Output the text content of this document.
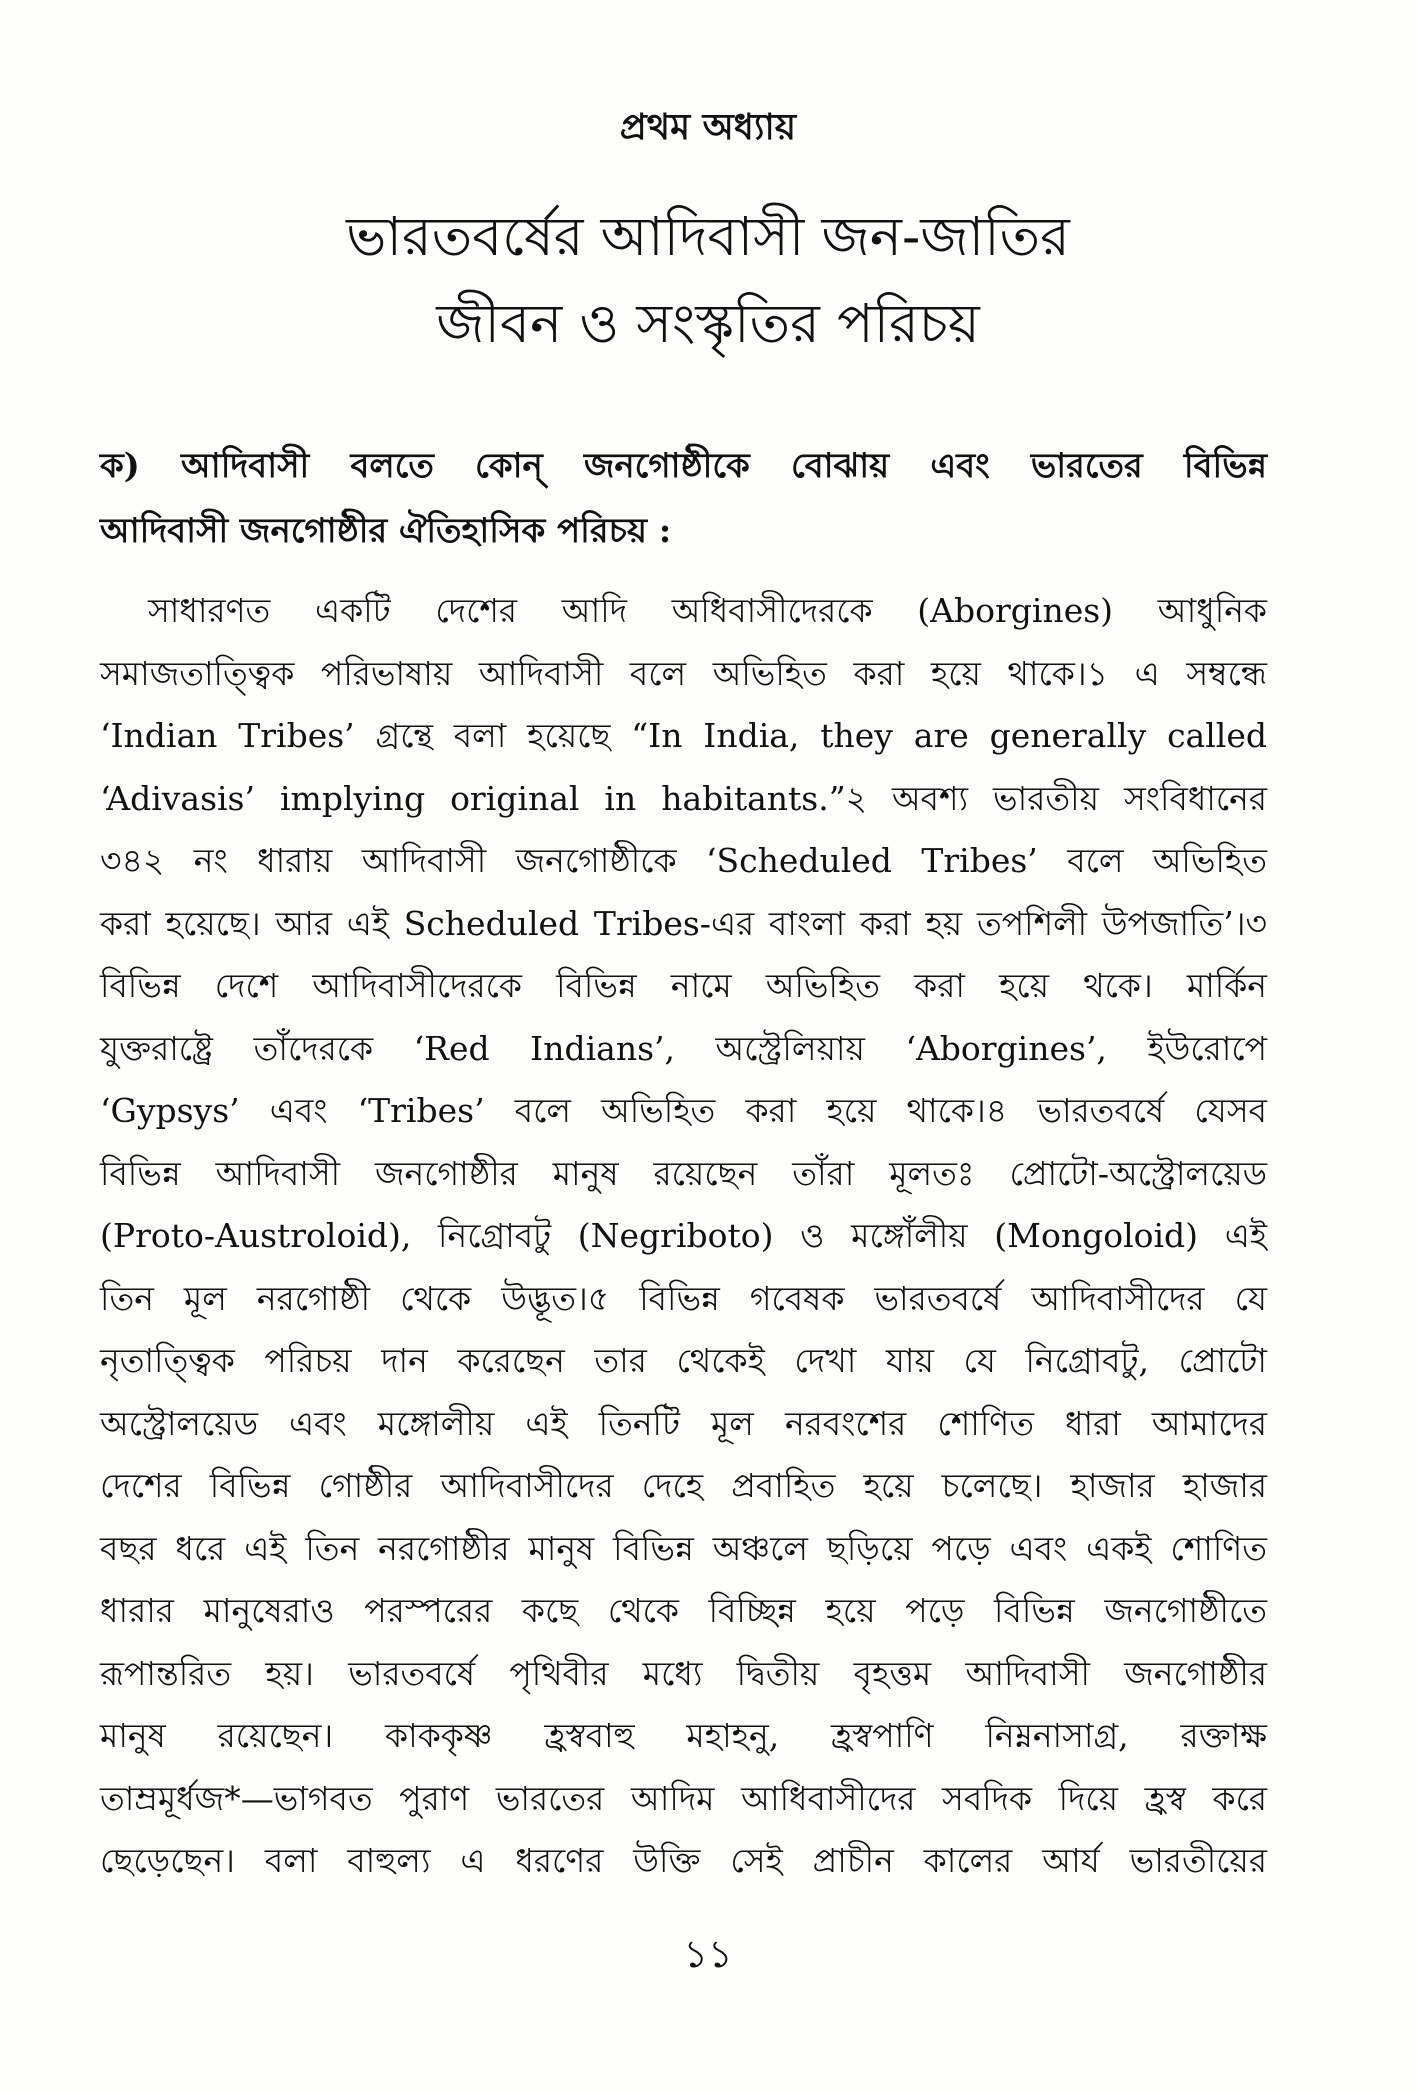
প্রথম অধ্যায়
ভারতবর্ষের আদিবাসী জন-জাতির
জীবন ও সংস্কৃতির পরিচয়
ক) আদিবাসী বলতে কোন্ জনগোষ্ঠীকে বোঝায় এবং ভারতের বিভিন্ন
আদিবাসী জনগোষ্ঠীর ঐতিহাসিক পরিচয় :
সাধারণত একটি দেশের আদি অধিবাসীদেরকে (Aborgines) আধুনিক
সমাজতাত্ত্বিক পরিভাষায় আদিবাসী বলে অভিহিত করা হয়ে থাকে।১ এ সম্বন্ধে
‘Indian Tribes’ গ্রন্থে বলা হয়েছে “In India, they are generally called
‘Adivasis’ implying original in habitants.”২ অবশ্য ভারতীয় সংবিধানের
৩৪২ নং ধারায় আদিবাসী জনগোষ্ঠীকে ‘Scheduled Tribes’ বলে অভিহিত
করা হয়েছে। আর এই Scheduled Tribes-এর বাংলা করা হয় তপশিলী উপজাতি’।৩
বিভিন্ন দেশে আদিবাসীদেরকে বিভিন্ন নামে অভিহিত করা হয়ে থকে। মার্কিন
যুক্তরাষ্ট্রে তাঁদেরকে ‘Red Indians’, অস্ট্রেলিয়ায় ‘Aborgines’, ইউরোপে
‘Gypsys’ এবং ‘Tribes’ বলে অভিহিত করা হয়ে থাকে।৪ ভারতবর্ষে যেসব
বিভিন্ন আদিবাসী জনগোষ্ঠীর মানুষ রয়েছেন তাঁরা মূলতঃ প্রোটো-অস্ট্রোলয়েড
(Proto-Austroloid), নিগ্রোবটু (Negriboto) ও মঙ্গোঁলীয় (Mongoloid) এই
তিন মূল নরগোষ্ঠী থেকে উদ্ভূত।৫ বিভিন্ন গবেষক ভারতবর্ষে আদিবাসীদের যে
নৃতাত্ত্বিক পরিচয় দান করেছেন তার থেকেই দেখা যায় যে নিগ্রোবটু, প্রোটো
অস্ট্রোলয়েড এবং মঙ্গোলীয় এই তিনটি মূল নরবংশের শোণিত ধারা আমাদের
দেশের বিভিন্ন গোষ্ঠীর আদিবাসীদের দেহে প্রবাহিত হয়ে চলেছে। হাজার হাজার
বছর ধরে এই তিন নরগোষ্ঠীর মানুষ বিভিন্ন অঞ্চলে ছড়িয়ে পড়ে এবং একই শোণিত
ধারার মানুষেরাও পরস্পরের কছে থেকে বিচ্ছিন্ন হয়ে পড়ে বিভিন্ন জনগোষ্ঠীতে
রূপান্তরিত হয়। ভারতবর্ষে পৃথিবীর মধ্যে দ্বিতীয় বৃহত্তম আদিবাসী জনগোষ্ঠীর
মানুষ রয়েছেন। কাককৃষ্ণ হ্রস্ববাহু মহাহনু, হ্রস্বপাণি নিম্ননাসাগ্র, রক্তাক্ষ
তাম্রমূর্ধজ*—ভাগবত পুরাণ ভারতের আদিম আধিবাসীদের সবদিক দিয়ে হ্রস্ব করে
ছেড়েছেন। বলা বাহুল্য এ ধরণের উক্তি সেই প্রাচীন কালের আর্য ভারতীয়ের
১১
